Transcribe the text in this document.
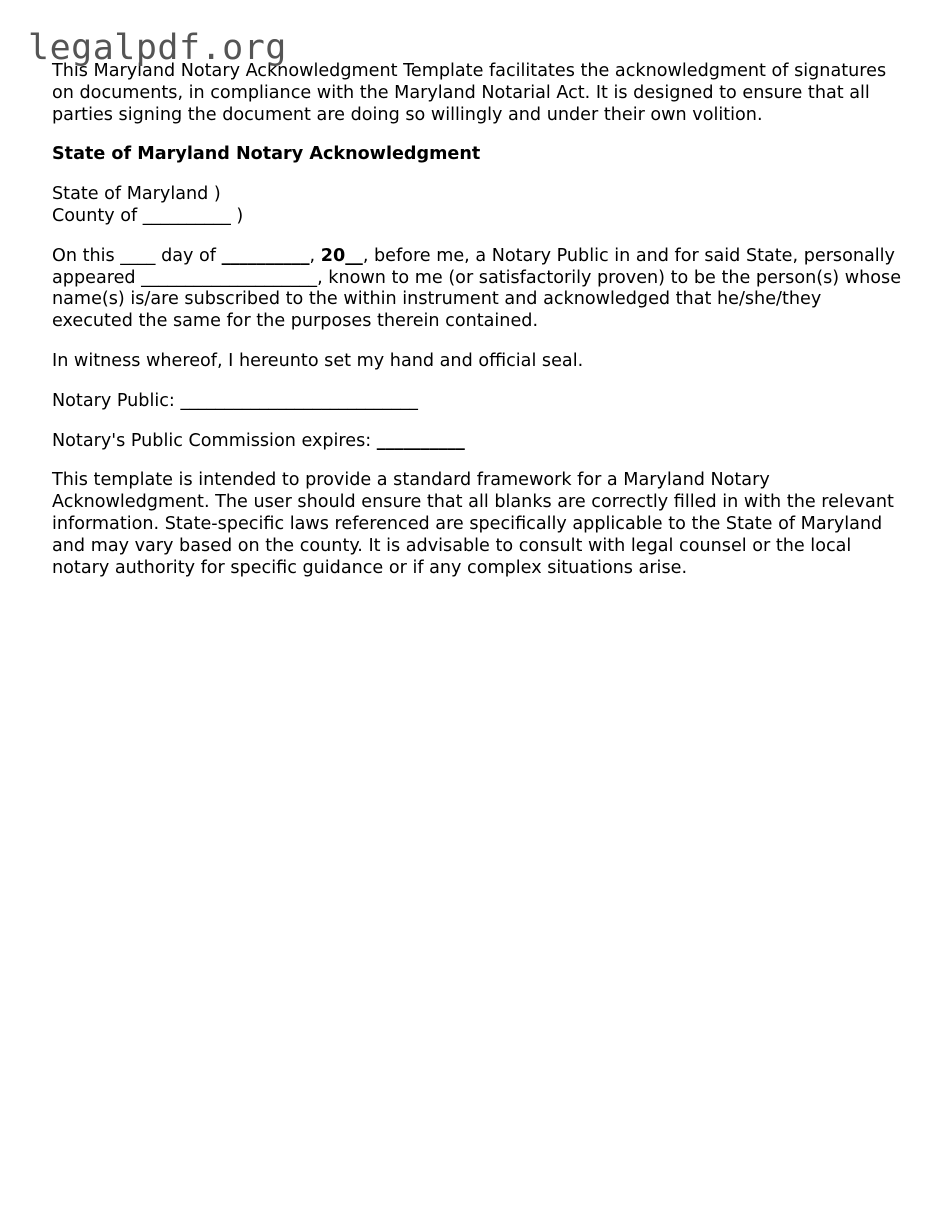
legalpdf.org

This Maryland Notary Acknowledgment Template facilitates the acknowledgment of signatures on documents, in compliance with the Maryland Notarial Act. It is designed to ensure that all parties signing the document are doing so willingly and under their own volition.

State of Maryland Notary Acknowledgment

State of Maryland )
County of __________ )

On this ____ day of __________, 20__, before me, a Notary Public in and for said State, personally appeared ____________________, known to me (or satisfactorily proven) to be the person(s) whose name(s) is/are subscribed to the within instrument and acknowledged that he/she/they executed the same for the purposes therein contained.

In witness whereof, I hereunto set my hand and official seal.

Notary Public: ___________________________

Notary's Public Commission expires: __________

This template is intended to provide a standard framework for a Maryland Notary Acknowledgment. The user should ensure that all blanks are correctly filled in with the relevant information. State-specific laws referenced are specifically applicable to the State of Maryland and may vary based on the county. It is advisable to consult with legal counsel or the local notary authority for specific guidance or if any complex situations arise.
